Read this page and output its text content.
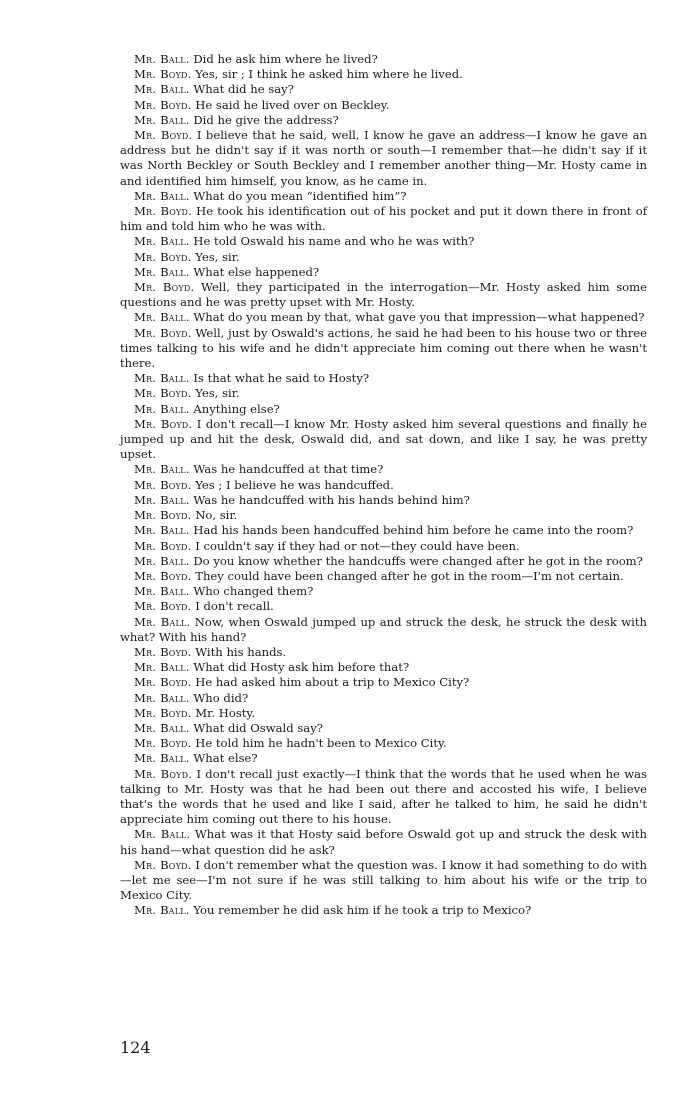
Mr. Ball. Did he ask him where he lived?

Mr. Boyd. Yes, sir ; I think he asked him where he lived.

Mr. Ball. What did he say?

Mr. Boyd. He said he lived over on Beckley.

Mr. Ball. Did he give the address?

Mr. Boyd. I believe that he said, well, I know he gave an address—I know he gave an address but he didn't say if it was north or south—I remember that—he didn't say if it was North Beckley or South Beckley and I remember another thing—Mr. Hosty came in and identified him himself, you know, as he came in.

Mr. Ball. What do you mean “identified him”?

Mr. Boyd. He took his identification out of his pocket and put it down there in front of him and told him who he was with.

Mr. Ball. He told Oswald his name and who he was with?

Mr. Boyd. Yes, sir.

Mr. Ball. What else happened?

Mr. Boyd. Well, they participated in the interrogation—Mr. Hosty asked him some questions and he was pretty upset with Mr. Hosty.

Mr. Ball. What do you mean by that, what gave you that impression—what happened?

Mr. Boyd. Well, just by Oswald's actions, he said he had been to his house two or three times talking to his wife and he didn't appreciate him coming out there when he wasn't there.

Mr. Ball. Is that what he said to Hosty?

Mr. Boyd. Yes, sir.

Mr. Ball. Anything else?

Mr. Boyd. I don't recall—I know Mr. Hosty asked him several questions and finally he jumped up and hit the desk, Oswald did, and sat down, and like I say, he was pretty upset.

Mr. Ball. Was he handcuffed at that time?

Mr. Boyd. Yes ; I believe he was handcuffed.

Mr. Ball. Was he handcuffed with his hands behind him?

Mr. Boyd. No, sir.

Mr. Ball. Had his hands been handcuffed behind him before he came into the room?

Mr. Boyd. I couldn't say if they had or not—they could have been.

Mr. Ball. Do you know whether the handcuffs were changed after he got in the room?

Mr. Boyd. They could have been changed after he got in the room—I'm not certain.

Mr. Ball. Who changed them?

Mr. Boyd. I don't recall.

Mr. Ball. Now, when Oswald jumped up and struck the desk, he struck the desk with what? With his hand?

Mr. Boyd. With his hands.

Mr. Ball. What did Hosty ask him before that?

Mr. Boyd. He had asked him about a trip to Mexico City?

Mr. Ball. Who did?

Mr. Boyd. Mr. Hosty.

Mr. Ball. What did Oswald say?

Mr. Boyd. He told him he hadn't been to Mexico City.

Mr. Ball. What else?

Mr. Boyd. I don't recall just exactly—I think that the words that he used when he was talking to Mr. Hosty was that he had been out there and accosted his wife, I believe that's the words that he used and like I said, after he talked to him, he said he didn't appreciate him coming out there to his house.

Mr. Ball. What was it that Hosty said before Oswald got up and struck the desk with his hand—what question did he ask?

Mr. Boyd. I don't remember what the question was. I know it had something to do with—let me see—I'm not sure if he was still talking to him about his wife or the trip to Mexico City.

Mr. Ball. You remember he did ask him if he took a trip to Mexico?

124
